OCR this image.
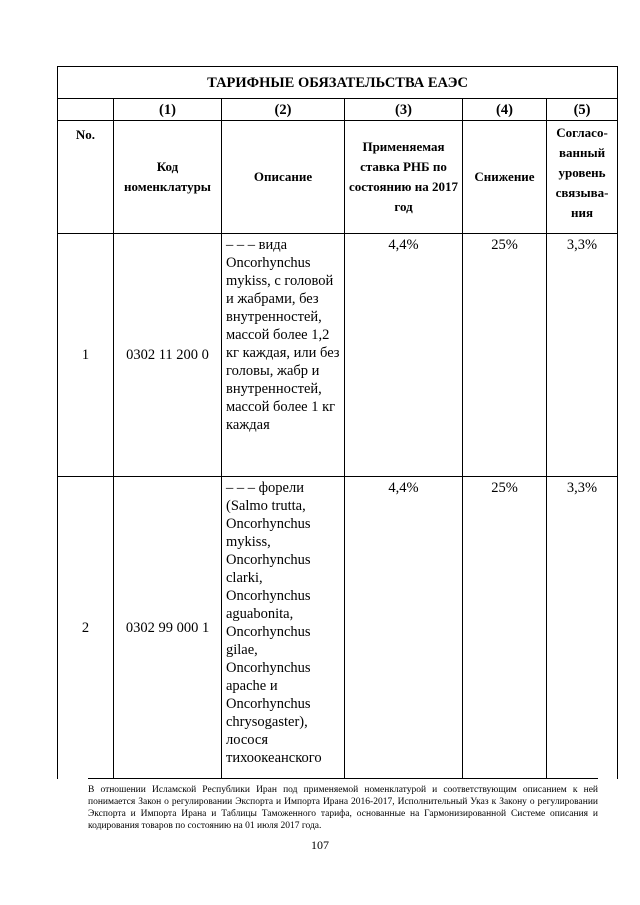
ТАРИФНЫЕ ОБЯЗАТЕЛЬСТВА ЕАЭС					
	(1)	(2)	(3)	(4)	(5)
No.	Код номенклатуры	Описание	Применяемая ставка РНБ по состоянию на 2017 год	Снижение	Согласо-ванный уровень связыва-ния
1	0302 11 200 0	– – – вида Oncorhynchus mykiss, с головой и жабрами, без внутренностей, массой более 1,2 кг каждая, или без головы, жабр и внутренностей, массой более 1 кг каждая	4,4%	25%	3,3%
2	0302 99 000 1	– – – форели (Salmo trutta, Oncorhynchus mykiss, Oncorhynchus clarki, Oncorhynchus aguabonita, Oncorhynchus gilae, Oncorhynchus apache и Oncorhynchus chrysogaster), лосося тихоокеанского	4,4%	25%	3,3%
В отношении Исламской Республики Иран под применяемой номенклатурой и соответствующим описанием к ней понимается Закон о регулировании Экспорта и Импорта Ирана 2016-2017, Исполнительный Указ к Закону о регулировании Экспорта и Импорта Ирана и Таблицы Таможенного тарифа, основанные на Гармонизированной Системе описания и кодирования товаров по состоянию на 01 июля 2017 года.
107
